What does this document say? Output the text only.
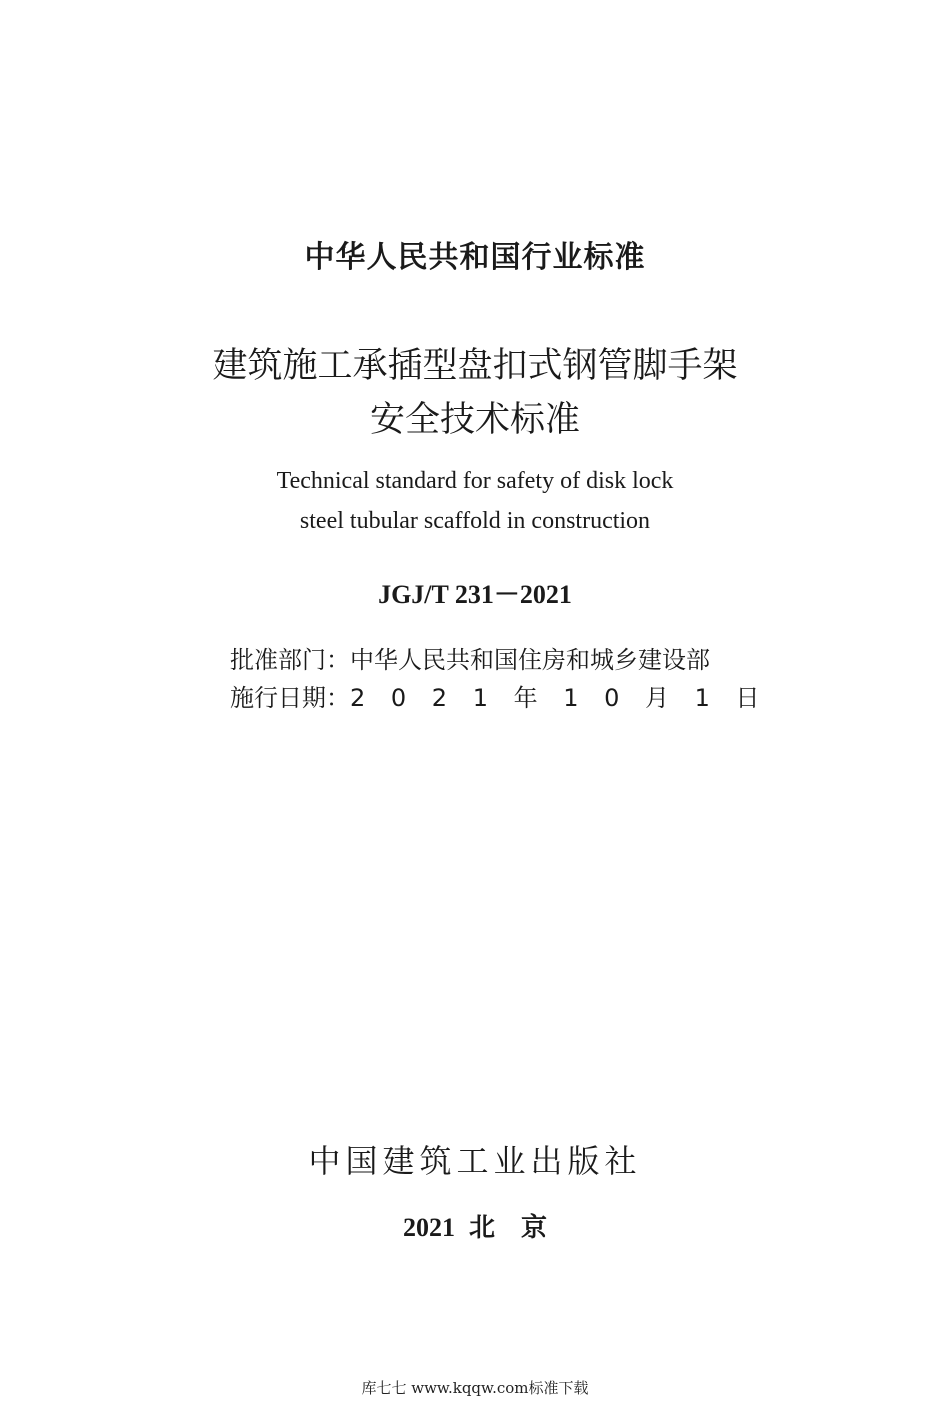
中华人民共和国行业标准
建筑施工承插型盘扣式钢管脚手架
安全技术标准
Technical standard for safety of disk lock
steel tubular scaffold in construction
JGJ/T 231－2021
批准部门：中华人民共和国住房和城乡建设部
施行日期：2 0 2 1 年 1 0 月 1 日
中国建筑工业出版社
2021 北　京
库七七 www.kqqw.com标准下载
